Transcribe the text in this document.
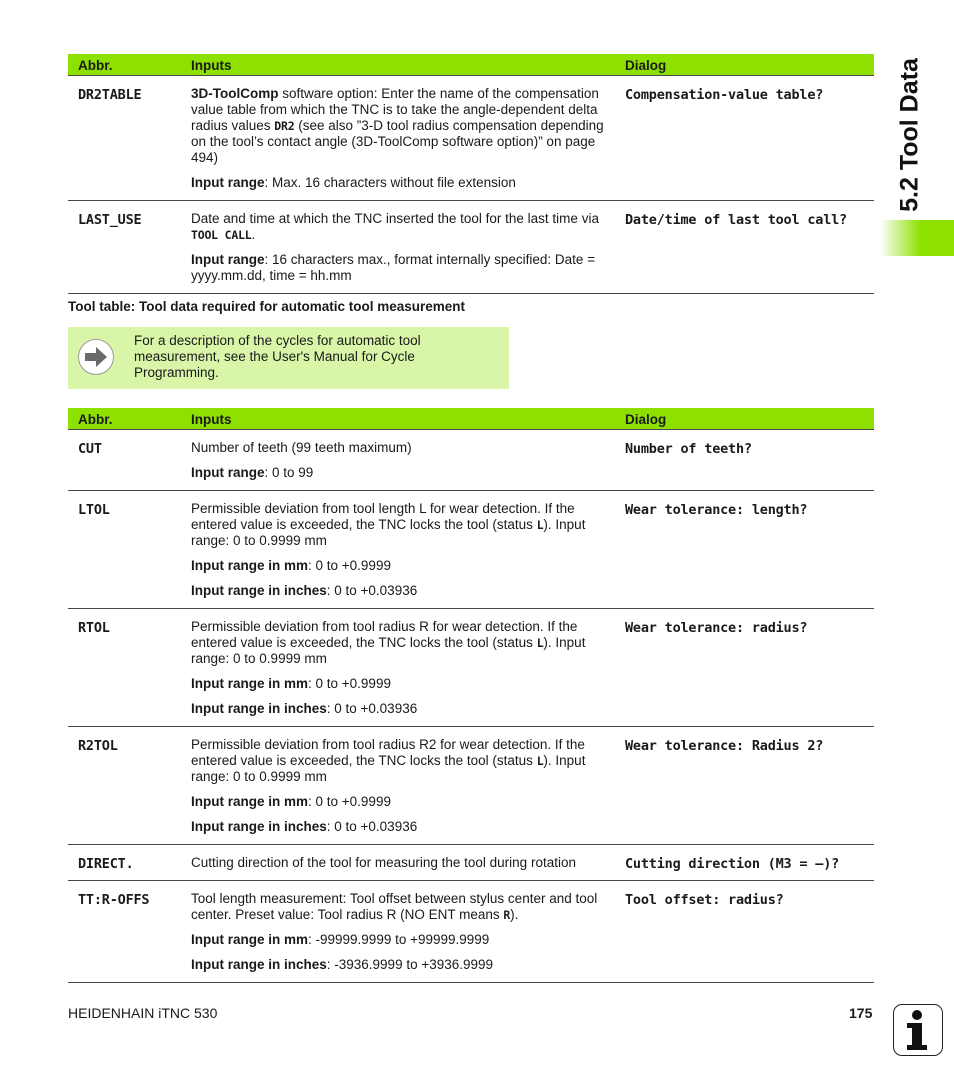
Abbr.	Inputs	Dialog
DR2TABLE	3D-ToolComp software option: Enter the name of the compensation value table from which the TNC is to take the angle-dependent delta radius values DR2 (see also ”3-D tool radius compensation depending on the tool’s contact angle (3D-ToolComp software option)” on page 494)

Input range: Max. 16 characters without file extension	Compensation-value table?
LAST_USE	Date and time at which the TNC inserted the tool for the last time via TOOL CALL.

Input range: 16 characters max., format internally specified: Date = yyyy.mm.dd, time = hh.mm	Date/time of last tool call?
Tool table: Tool data required for automatic tool measurement
For a description of the cycles for automatic tool measurement, see the User's Manual for Cycle Programming.
Abbr.	Inputs	Dialog
CUT	Number of teeth (99 teeth maximum)

Input range: 0 to 99	Number of teeth?
LTOL	Permissible deviation from tool length L for wear detection. If the entered value is exceeded, the TNC locks the tool (status L). Input range: 0 to 0.9999 mm

Input range in mm: 0 to +0.9999

Input range in inches: 0 to +0.03936	Wear tolerance: length?
RTOL	Permissible deviation from tool radius R for wear detection. If the entered value is exceeded, the TNC locks the tool (status L). Input range: 0 to 0.9999 mm

Input range in mm: 0 to +0.9999

Input range in inches: 0 to +0.03936	Wear tolerance: radius?
R2TOL	Permissible deviation from tool radius R2 for wear detection. If the entered value is exceeded, the TNC locks the tool (status L). Input range: 0 to 0.9999 mm

Input range in mm: 0 to +0.9999

Input range in inches: 0 to +0.03936	Wear tolerance: Radius 2?
DIRECT.	Cutting direction of the tool for measuring the tool during rotation	Cutting direction (M3 = –)?
TT:R-OFFS	Tool length measurement: Tool offset between stylus center and tool center. Preset value: Tool radius R (NO ENT means R).

Input range in mm: -99999.9999 to +99999.9999

Input range in inches: -3936.9999 to +3936.9999	Tool offset: radius?
5.2 Tool Data
HEIDENHAIN iTNC 530	175
